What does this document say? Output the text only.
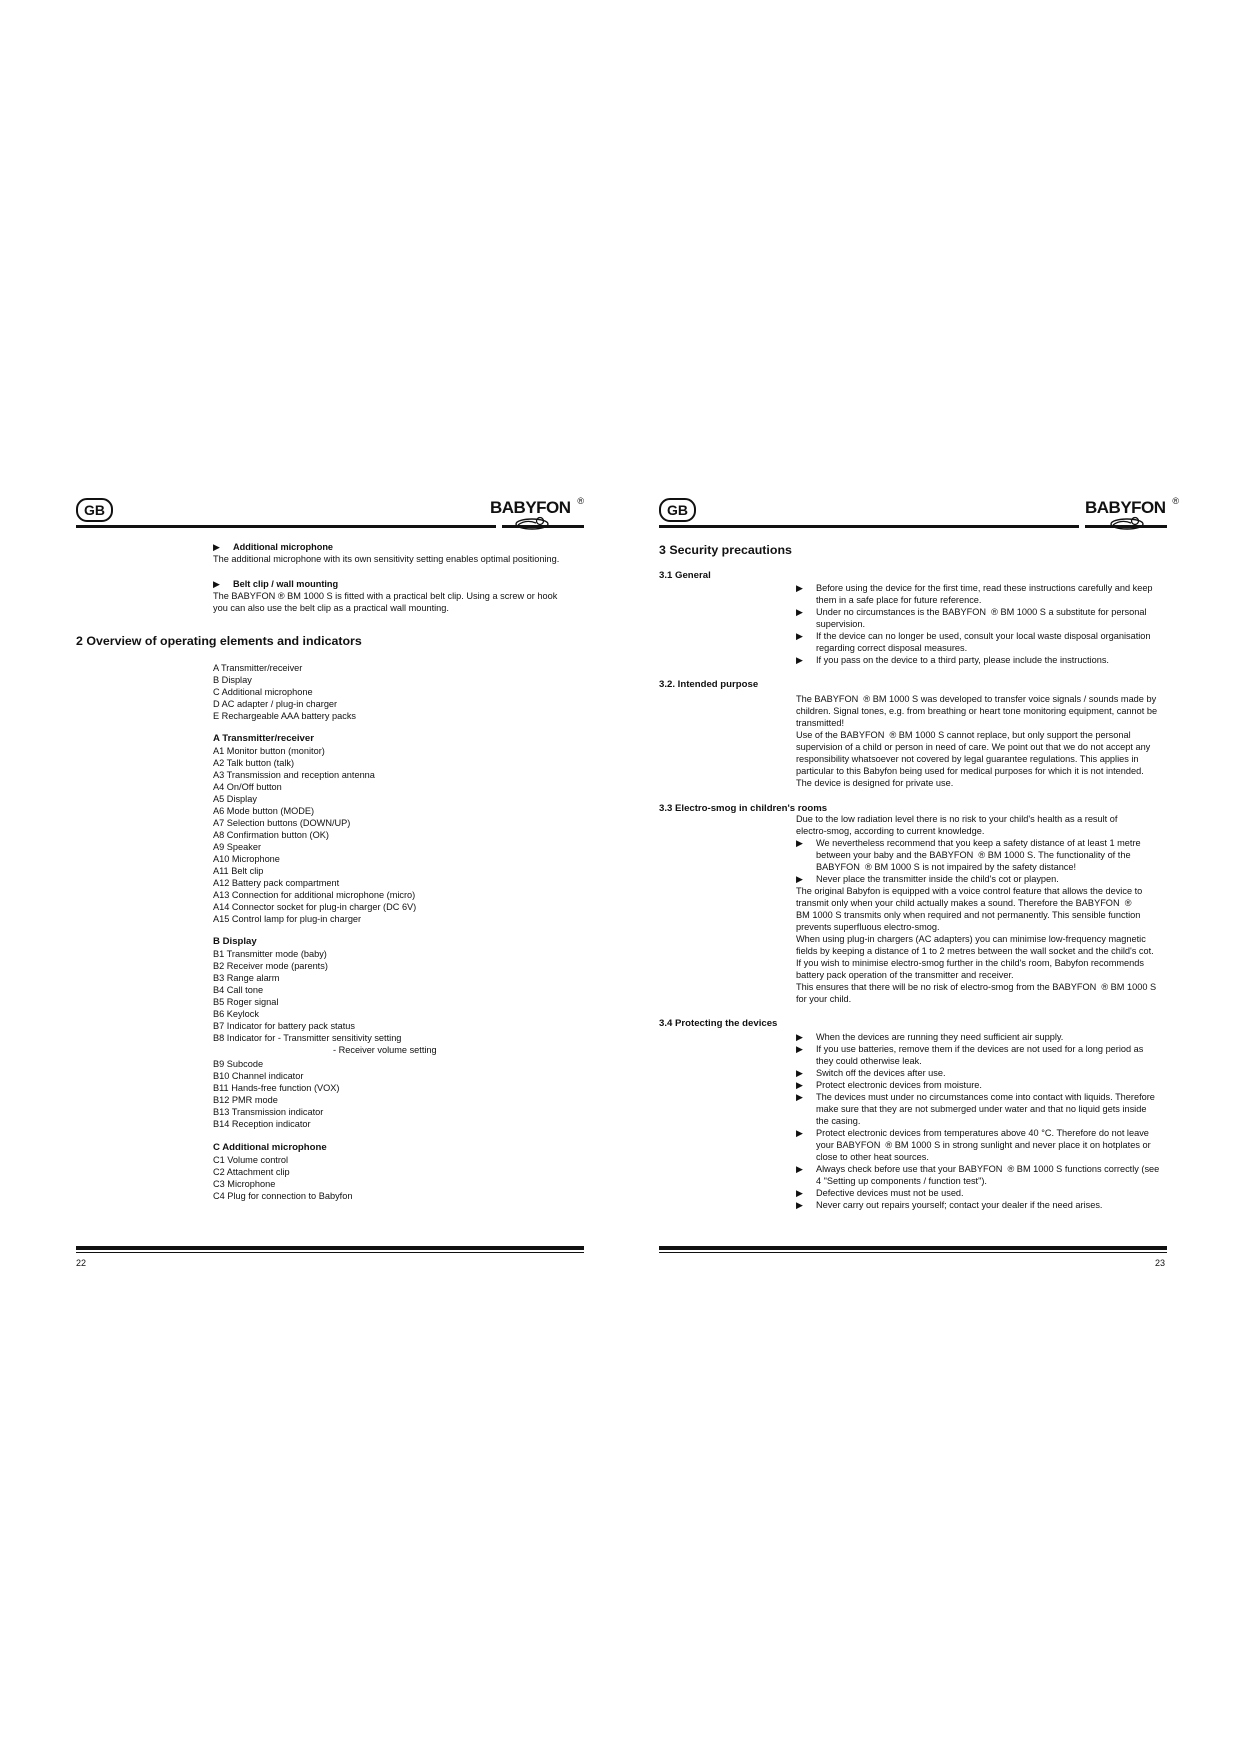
GB	BABYFON ®
▶ Additional microphone
The additional microphone with its own sensitivity setting enables optimal positioning.
▶ Belt clip / wall mounting
The BABYFON ® BM 1000 S is fitted with a practical belt clip. Using a screw or hook
you can also use the belt clip as a practical wall mounting.
2 Overview of operating elements and indicators
A Transmitter/receiver
B Display
C Additional microphone
D AC adapter / plug-in charger
E Rechargeable AAA battery packs
A Transmitter/receiver
A1 Monitor button (monitor)
A2 Talk button (talk)
A3 Transmission and reception antenna
A4 On/Off button
A5 Display
A6 Mode button (MODE)
A7 Selection buttons (DOWN/UP)
A8 Confirmation button (OK)
A9 Speaker
A10 Microphone
A11 Belt clip
A12 Battery pack compartment
A13 Connection for additional microphone (micro)
A14 Connector socket for plug-in charger (DC 6V)
A15 Control lamp for plug-in charger
B Display
B1 Transmitter mode (baby)
B2 Receiver mode (parents)
B3 Range alarm
B4 Call tone
B5 Roger signal
B6 Keylock
B7 Indicator for battery pack status
B8 Indicator for - Transmitter sensitivity setting
- Receiver volume setting
B9 Subcode
B10 Channel indicator
B11 Hands-free function (VOX)
B12 PMR mode
B13 Transmission indicator
B14 Reception indicator
C Additional microphone
C1 Volume control
C2 Attachment clip
C3 Microphone
C4 Plug for connection to Babyfon
22
GB	BABYFON ®
3 Security precautions
3.1 General
▶ Before using the device for the first time, read these instructions carefully and keep
them in a safe place for future reference.
▶ Under no circumstances is the BABYFON  ® BM 1000 S a substitute for personal
supervision.
▶ If the device can no longer be used, consult your local waste disposal organisation
regarding correct disposal measures.
▶ If you pass on the device to a third party, please include the instructions.
3.2. Intended purpose
The BABYFON  ® BM 1000 S was developed to transfer voice signals / sounds made by
children. Signal tones, e.g. from breathing or heart tone monitoring equipment, cannot be
transmitted!
Use of the BABYFON  ® BM 1000 S cannot replace, but only support the personal
supervision of a child or person in need of care. We point out that we do not accept any
responsibility whatsoever not covered by legal guarantee regulations. This applies in
particular to this Babyfon being used for medical purposes for which it is not intended.
The device is designed for private use.
3.3 Electro-smog in children's rooms
Due to the low radiation level there is no risk to your child's health as a result of
electro-smog, according to current knowledge.
▶ We nevertheless recommend that you keep a safety distance of at least 1 metre
between your baby and the BABYFON  ® BM 1000 S. The functionality of the
BABYFON  ® BM 1000 S is not impaired by the safety distance!
▶ Never place the transmitter inside the child's cot or playpen.
The original Babyfon is equipped with a voice control feature that allows the device to
transmit only when your child actually makes a sound. Therefore the BABYFON  ®
BM 1000 S transmits only when required and not permanently. This sensible function
prevents superfluous electro-smog.
When using plug-in chargers (AC adapters) you can minimise low-frequency magnetic
fields by keeping a distance of 1 to 2 metres between the wall socket and the child's cot.
If you wish to minimise electro-smog further in the child's room, Babyfon recommends
battery pack operation of the transmitter and receiver.
This ensures that there will be no risk of electro-smog from the BABYFON  ® BM 1000 S
for your child.
3.4 Protecting the devices
▶ When the devices are running they need sufficient air supply.
▶ If you use batteries, remove them if the devices are not used for a long period as
they could otherwise leak.
▶ Switch off the devices after use.
▶ Protect electronic devices from moisture.
▶ The devices must under no circumstances come into contact with liquids. Therefore
make sure that they are not submerged under water and that no liquid gets inside
the casing.
▶ Protect electronic devices from temperatures above 40 °C. Therefore do not leave
your BABYFON  ® BM 1000 S in strong sunlight and never place it on hotplates or
close to other heat sources.
▶ Always check before use that your BABYFON  ® BM 1000 S functions correctly (see
4 "Setting up components / function test").
▶ Defective devices must not be used.
▶ Never carry out repairs yourself; contact your dealer if the need arises.
23
